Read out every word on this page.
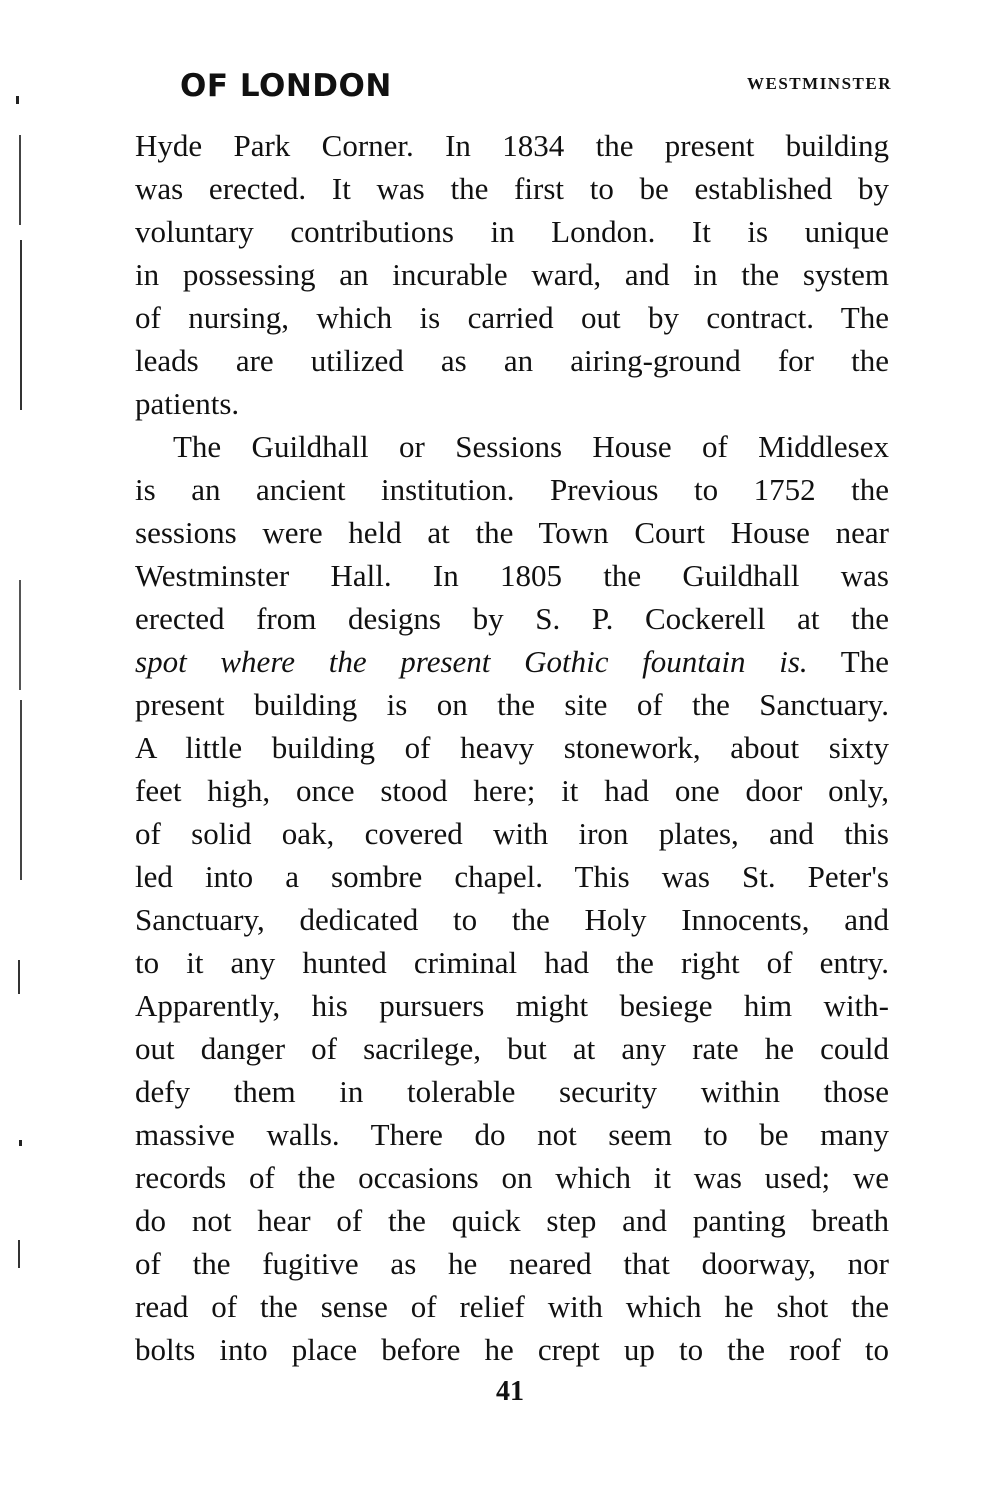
OF LONDON	WESTMINSTER
Hyde Park Corner. In 1834 the present building
was erected. It was the first to be established by
voluntary contributions in London. It is unique
in possessing an incurable ward, and in the system
of nursing, which is carried out by contract. The
leads are utilized as an airing-ground for the
patients.
The Guildhall or Sessions House of Middlesex
is an ancient institution. Previous to 1752 the
sessions were held at the Town Court House near
Westminster Hall. In 1805 the Guildhall was
erected from designs by S. P. Cockerell at the
spot where the present Gothic fountain is. The
present building is on the site of the Sanctuary.
A little building of heavy stonework, about sixty
feet high, once stood here; it had one door only,
of solid oak, covered with iron plates, and this
led into a sombre chapel. This was St. Peter's
Sanctuary, dedicated to the Holy Innocents, and
to it any hunted criminal had the right of entry.
Apparently, his pursuers might besiege him with-
out danger of sacrilege, but at any rate he could
defy them in tolerable security within those
massive walls. There do not seem to be many
records of the occasions on which it was used; we
do not hear of the quick step and panting breath
of the fugitive as he neared that doorway, nor
read of the sense of relief with which he shot the
bolts into place before he crept up to the roof to
41
